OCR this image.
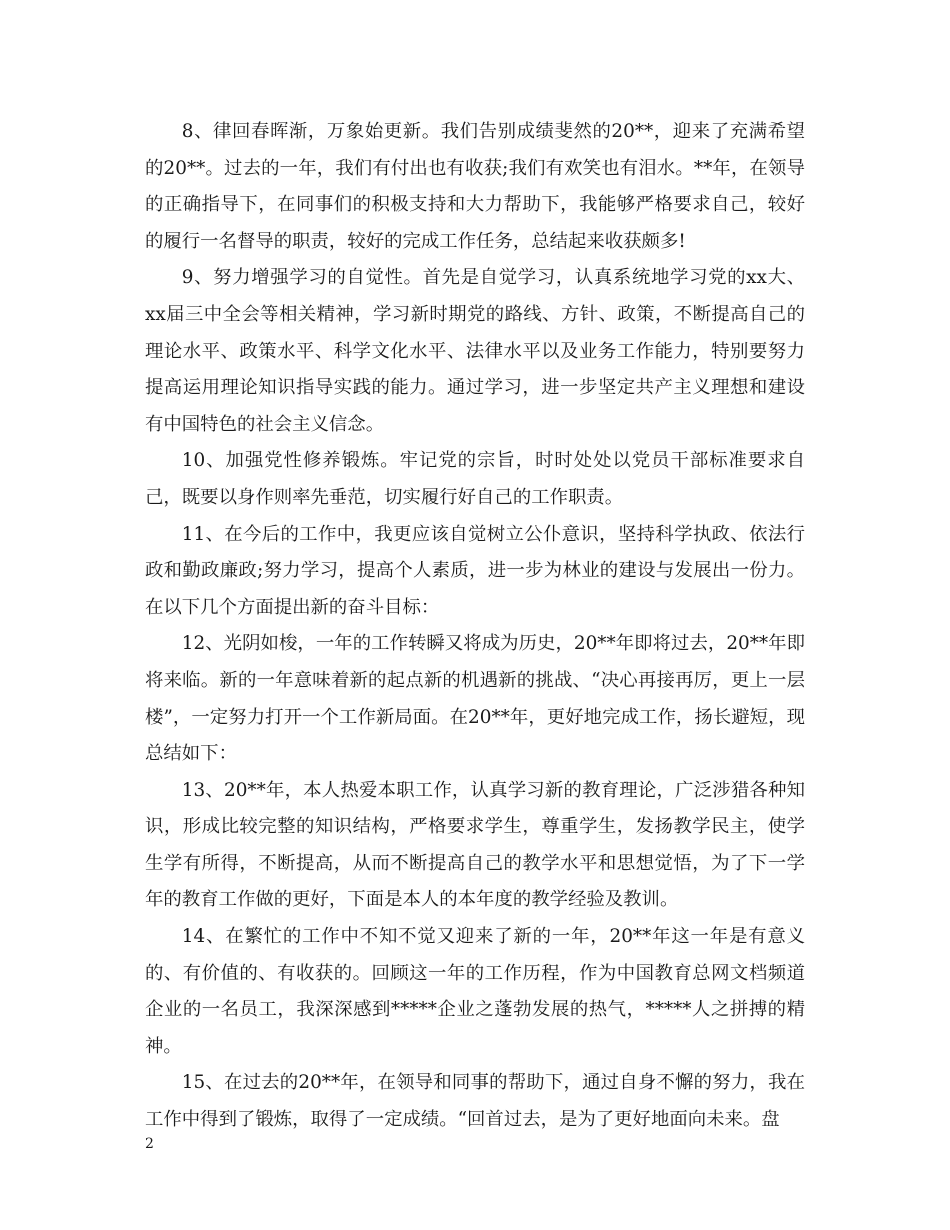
8、律回春晖渐，万象始更新。我们告别成绩斐然的20**，迎来了充满希望的20**。过去的一年，我们有付出也有收获;我们有欢笑也有泪水。**年，在领导的正确指导下，在同事们的积极支持和大力帮助下，我能够严格要求自己，较好的履行一名督导的职责，较好的完成工作任务，总结起来收获颇多!

9、努力增强学习的自觉性。首先是自觉学习，认真系统地学习党的xx大、xx届三中全会等相关精神，学习新时期党的路线、方针、政策，不断提高自己的理论水平、政策水平、科学文化水平、法律水平以及业务工作能力，特别要努力提高运用理论知识指导实践的能力。通过学习，进一步坚定共产主义理想和建设有中国特色的社会主义信念。

10、加强党性修养锻炼。牢记党的宗旨，时时处处以党员干部标准要求自己，既要以身作则率先垂范，切实履行好自己的工作职责。

11、在今后的工作中，我更应该自觉树立公仆意识，坚持科学执政、依法行政和勤政廉政;努力学习，提高个人素质，进一步为林业的建设与发展出一份力。在以下几个方面提出新的奋斗目标：

12、光阴如梭，一年的工作转瞬又将成为历史，20**年即将过去，20**年即将来临。新的一年意味着新的起点新的机遇新的挑战、“决心再接再厉，更上一层楼”，一定努力打开一个工作新局面。在20**年，更好地完成工作，扬长避短，现总结如下：

13、20**年，本人热爱本职工作，认真学习新的教育理论，广泛涉猎各种知识，形成比较完整的知识结构，严格要求学生，尊重学生，发扬教学民主，使学生学有所得，不断提高，从而不断提高自己的教学水平和思想觉悟，为了下一学年的教育工作做的更好，下面是本人的本年度的教学经验及教训。

14、在繁忙的工作中不知不觉又迎来了新的一年，20**年这一年是有意义的、有价值的、有收获的。回顾这一年的工作历程，作为中国教育总网文档频道企业的一名员工，我深深感到*****企业之蓬勃发展的热气，*****人之拼搏的精神。

15、在过去的20**年，在领导和同事的帮助下，通过自身不懈的努力，我在工作中得到了锻炼，取得了一定成绩。“回首过去，是为了更好地面向未来。盘

2
